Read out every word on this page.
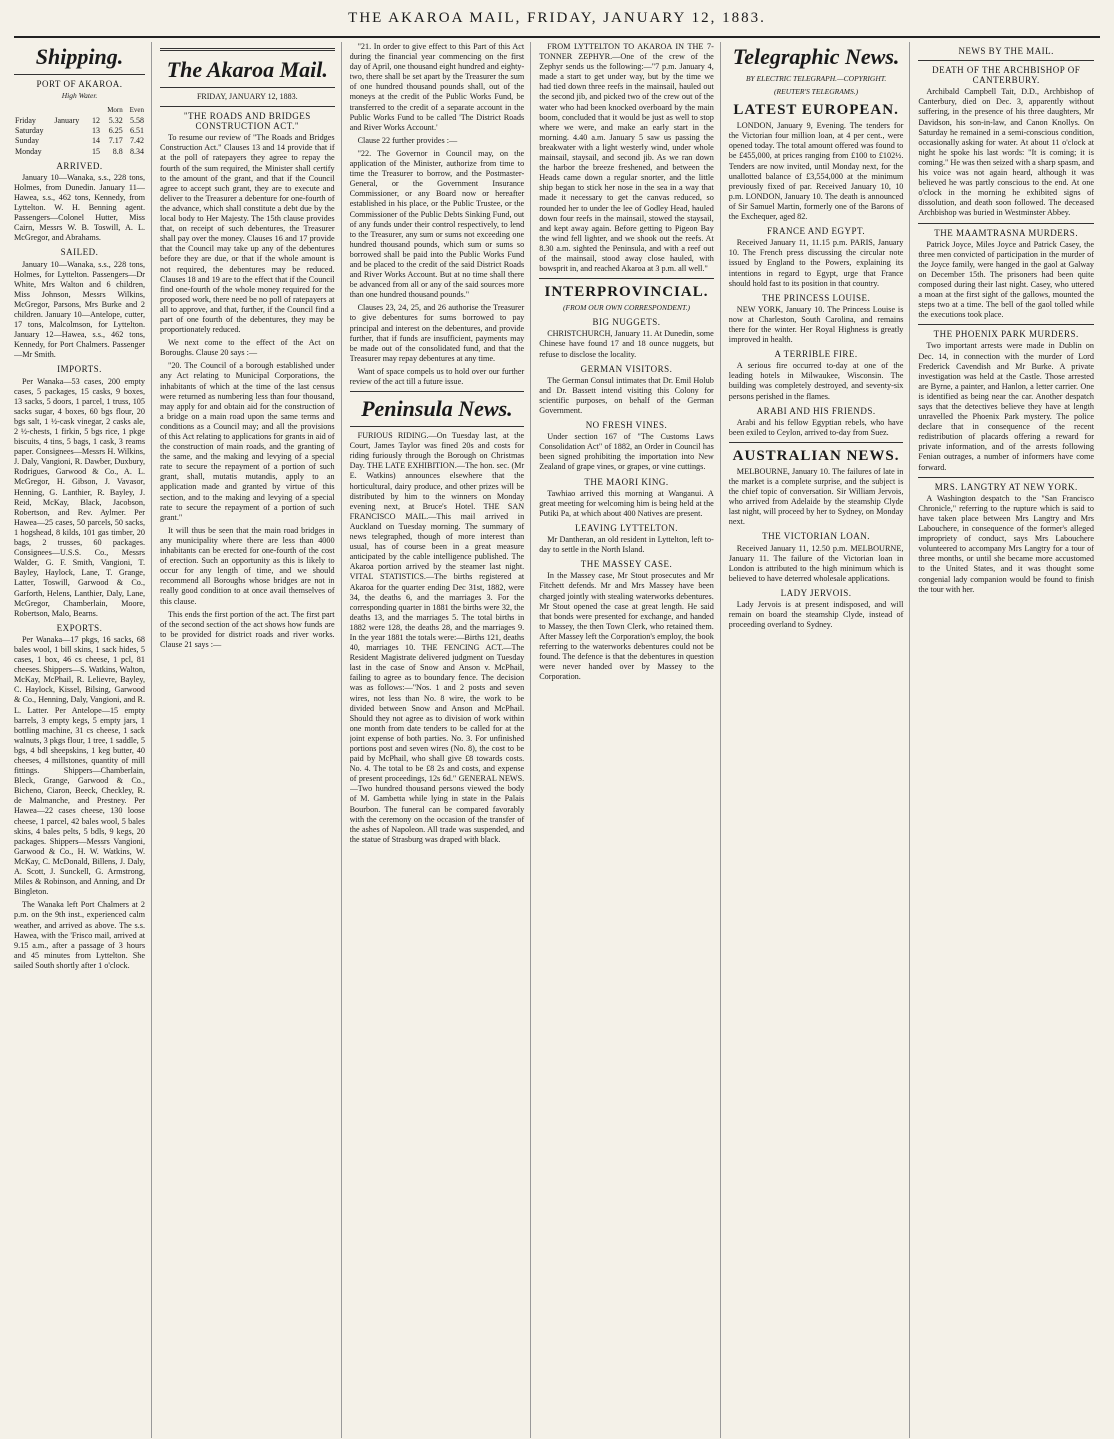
THE AKAROA MAIL, FRIDAY, JANUARY 12, 1883.
Shipping.
PORT OF AKAROA.
High Water.
			Morn	Even
Friday	January	12	5.32	5.58
Saturday		13	6.25	6.51
Sunday		14	7.17	7.42
Monday		15	8.8	8.34
ARRIVED.

January 10—Wanaka, s.s., 228 tons, Holmes, from Dunedin. January 11—Hawea, s.s., 462 tons, Kennedy, from Lyttelton. W. H. Benning agent. Passengers—Colonel Hutter, Miss Cairn, Messrs W. B. Toswill, A. L. McGregor, and Abrahams.

SAILED.

January 10—Wanaka, s.s., 228 tons, Holmes, for Lyttelton. Passengers—Dr White, Mrs Walton and 6 children, Miss Johnson, Messrs Wilkins, McGregor, Parsons, Mrs Burke and 2 children. January 10—Antelope, cutter, 17 tons, Malcolmson, for Lyttelton. January 12—Hawea, s.s., 462 tons, Kennedy, for Port Chalmers. Passenger—Mr Smith.

IMPORTS.

Per Wanaka—53 cases, 200 empty cases, 5 packages, 15 casks, 9 boxes, 13 sacks, 5 doors, 1 parcel, 1 truss, 105 sacks sugar, 4 boxes, 60 bgs flour, 20 bgs salt, 1 ½-cask vinegar, 2 casks ale, 2 ½-chests, 1 firkin, 5 bgs rice, 1 pkge biscuits, 4 tins, 5 bags, 1 cask, 3 reams paper. Consignees—Messrs H. Wilkins, J. Daly, Vangioni, R. Dawber, Duxbury, Rodrigues, Garwood & Co., A. L. McGregor, H. Gibson, J. Vavasor, Henning, G. Lanthier, R. Bayley, J. Reid, McKay, Black, Jacobson, Robertson, and Rev. Aylmer. Per Hawea—25 cases, 50 parcels, 50 sacks, 1 hogshead, 8 kilds, 101 gas timber, 20 bags, 2 trusses, 60 packages. Consignees—U.S.S. Co., Messrs Walder, G. F. Smith, Vangioni, T. Bayley, Haylock, Lane, T. Grange, Latter, Toswill, Garwood & Co., Garforth, Helens, Lanthier, Daly, Lane, McGregor, Chamberlain, Moore, Robertson, Malo, Bearns.

EXPORTS.

Per Wanaka—17 pkgs, 16 sacks, 68 bales wool, 1 bill skins, 1 sack hides, 5 cases, 1 box, 46 cs cheese, 1 pcl, 81 cheeses. Shippers—S. Watkins, Walton, McKay, McPhail, R. Lelievre, Bayley, C. Haylock, Kissel, Bilsing, Garwood & Co., Henning, Daly, Vangioni, and R. L. Latter. Per Antelope—15 empty barrels, 3 empty kegs, 5 empty jars, 1 bottling machine, 31 cs cheese, 1 sack walnuts, 3 pkgs flour, 1 tree, 1 saddle, 5 bgs, 4 bdl sheepskins, 1 keg butter, 40 cheeses, 4 millstones, quantity of mill fittings. Shippers—Chamberlain, Bleck, Grange, Garwood & Co., Bicheno, Ciaron, Beeck, Checkley, R. de Malmanche, and Prestney. Per Hawea—22 cases cheese, 130 loose cheese, 1 parcel, 42 bales wool, 5 bales skins, 4 bales pelts, 5 bdls, 9 kegs, 20 packages. Shippers—Messrs Vangioni, Garwood & Co., H. W. Watkins, W. McKay, C. McDonald, Billens, J. Daly, A. Scott, J. Sunckell, G. Armstrong, Miles & Robinson, and Anning, and Dr Bingleton.

The Wanaka left Port Chalmers at 2 p.m. on the 9th inst., experienced calm weather, and arrived as above. The s.s. Hawea, with the 'Frisco mail, arrived at 9.15 a.m., after a passage of 3 hours and 45 minutes from Lyttelton. She sailed South shortly after 1 o'clock.

The Akaroa Mail.
FRIDAY, JANUARY 12, 1883.
"THE ROADS AND BRIDGES CONSTRUCTION ACT."

To resume our review of "The Roads and Bridges Construction Act." Clauses 13 and 14 provide that if at the poll of ratepayers they agree to repay the fourth of the sum required, the Minister shall certify to the amount of the grant, and that if the Council agree to accept such grant, they are to execute and deliver to the Treasurer a debenture for one-fourth of the advance, which shall constitute a debt due by the local body to Her Majesty. The 15th clause provides that, on receipt of such debentures, the Treasurer shall pay over the money. Clauses 16 and 17 provide that the Council may take up any of the debentures before they are due, or that if the whole amount is not required, the debentures may be reduced. Clauses 18 and 19 are to the effect that if the Council find one-fourth of the whole money required for the proposed work, there need be no poll of ratepayers at all to approve, and that, further, if the Council find a part of one fourth of the debentures, they may be proportionately reduced.

We next come to the effect of the Act on Boroughs. Clause 20 says :—

"20. The Council of a borough established under any Act relating to Municipal Corporations, the inhabitants of which at the time of the last census were returned as numbering less than four thousand, may apply for and obtain aid for the construction of a bridge on a main road upon the same terms and conditions as a Council may; and all the provisions of this Act relating to applications for grants in aid of the construction of main roads, and the granting of the same, and the making and levying of a special rate to secure the repayment of a portion of such grant, shall, mutatis mutandis, apply to an application made and granted by virtue of this section, and to the making and levying of a special rate to secure the repayment of a portion of such grant."

It will thus be seen that the main road bridges in any municipality where there are less than 4000 inhabitants can be erected for one-fourth of the cost of erection. Such an opportunity as this is likely to occur for any length of time, and we should recommend all Boroughs whose bridges are not in really good condition to at once avail themselves of this clause.

This ends the first portion of the act. The first part of the second section of the act shows how funds are to be provided for district roads and river works. Clause 21 says :—

"21. In order to give effect to this Part of this Act during the financial year commencing on the first day of April, one thousand eight hundred and eighty-two, there shall be set apart by the Treasurer the sum of one hundred thousand pounds shall, out of the moneys at the credit of the Public Works Fund, be transferred to the credit of a separate account in the Public Works Fund to be called 'The District Roads and River Works Account.'

Clause 22 further provides :—

"22. The Governor in Council may, on the application of the Minister, authorize from time to time the Treasurer to borrow, and the Postmaster-General, or the Government Insurance Commissioner, or any Board now or hereafter established in his place, or the Public Trustee, or the Commissioner of the Public Debts Sinking Fund, out of any funds under their control respectively, to lend to the Treasurer, any sum or sums not exceeding one hundred thousand pounds, which sum or sums so borrowed shall be paid into the Public Works Fund and be placed to the credit of the said District Roads and River Works Account. But at no time shall there be advanced from all or any of the said sources more than one hundred thousand pounds."

Clauses 23, 24, 25, and 26 authorise the Treasurer to give debentures for sums borrowed to pay principal and interest on the debentures, and provide further, that if funds are insufficient, payments may be made out of the consolidated fund, and that the Treasurer may repay debentures at any time.

Want of space compels us to hold over our further review of the act till a future issue.

Peninsula News.

FURIOUS RIDING.—On Tuesday last, at the Court, James Taylor was fined 20s and costs for riding furiously through the Borough on Christmas Day. THE LATE EXHIBITION.—The hon. sec. (Mr E. Watkins) announces elsewhere that the horticultural, dairy produce, and other prizes will be distributed by him to the winners on Monday evening next, at Bruce's Hotel. THE SAN FRANCISCO MAIL.—This mail arrived in Auckland on Tuesday morning. The summary of news telegraphed, though of more interest than usual, has of course been in a great measure anticipated by the cable intelligence published. The Akaroa portion arrived by the steamer last night. VITAL STATISTICS.—The births registered at Akaroa for the quarter ending Dec 31st, 1882, were 34, the deaths 6, and the marriages 3. For the corresponding quarter in 1881 the births were 32, the deaths 13, and the marriages 5. The total births in 1882 were 128, the deaths 28, and the marriages 9. In the year 1881 the totals were:—Births 121, deaths 40, marriages 10. THE FENCING ACT.—The Resident Magistrate delivered judgment on Tuesday last in the case of Snow and Anson v. McPhail, failing to agree as to boundary fence. The decision was as follows:—"Nos. 1 and 2 posts and seven wires, not less than No. 8 wire, the work to be divided between Snow and Anson and McPhail. Should they not agree as to division of work within one month from date tenders to be called for at the joint expense of both parties. No. 3. For unfinished portions post and seven wires (No. 8), the cost to be paid by McPhail, who shall give £8 towards costs. No. 4. The total to be £8 2s and costs, and expense of present proceedings, 12s 6d." GENERAL NEWS.—Two hundred thousand persons viewed the body of M. Gambetta while lying in state in the Palais Bourbon. The funeral can be compared favorably with the ceremony on the occasion of the transfer of the ashes of Napoleon. All trade was suspended, and the statue of Strasburg was draped with black.

FROM LYTTELTON TO AKAROA IN THE 7-TONNER ZEPHYR.—One of the crew of the Zephyr sends us the following:—"7 p.m. January 4, made a start to get under way, but by the time we had tied down three reefs in the mainsail, hauled out the second jib, and picked two of the crew out of the water who had been knocked overboard by the main boom, concluded that it would be just as well to stop where we were, and make an early start in the morning. 4.40 a.m. January 5 saw us passing the breakwater with a light westerly wind, under whole mainsail, staysail, and second jib. As we ran down the harbor the breeze freshened, and between the Heads came down a regular snorter, and the little ship began to stick her nose in the sea in a way that made it necessary to get the canvas reduced, so rounded her to under the lee of Godley Head, hauled down four reefs in the mainsail, stowed the staysail, and kept away again. Before getting to Pigeon Bay the wind fell lighter, and we shook out the reefs. At 8.30 a.m. sighted the Peninsula, and with a reef out of the mainsail, stood away close hauled, with bowsprit in, and reached Akaroa at 3 p.m. all well."

INTERPROVINCIAL.
(FROM OUR OWN CORRESPONDENT.)
BIG NUGGETS.

CHRISTCHURCH, January 11. At Dunedin, some Chinese have found 17 and 18 ounce nuggets, but refuse to disclose the locality.

GERMAN VISITORS.

The German Consul intimates that Dr. Emil Holub and Dr. Bassett intend visiting this Colony for scientific purposes, on behalf of the German Government.

NO FRESH VINES.

Under section 167 of "The Customs Laws Consolidation Act" of 1882, an Order in Council has been signed prohibiting the importation into New Zealand of grape vines, or grapes, or vine cuttings.

THE MAORI KING.

Tawhiao arrived this morning at Wanganui. A great meeting for welcoming him is being held at the Putiki Pa, at which about 400 Natives are present.

LEAVING LYTTELTON.

Mr Dantheran, an old resident in Lyttelton, left to-day to settle in the North Island.

THE MASSEY CASE.

In the Massey case, Mr Stout prosecutes and Mr Fitchett defends. Mr and Mrs Massey have been charged jointly with stealing waterworks debentures. Mr Stout opened the case at great length. He said that bonds were presented for exchange, and handed to Massey, the then Town Clerk, who retained them. After Massey left the Corporation's employ, the book referring to the waterworks debentures could not be found. The defence is that the debentures in question were never handed over by Massey to the Corporation.

Telegraphic News.
BY ELECTRIC TELEGRAPH.—COPYRIGHT.
(REUTER'S TELEGRAMS.)
LATEST EUROPEAN.

LONDON, January 9, Evening. The tenders for the Victorian four million loan, at 4 per cent., were opened today. The total amount offered was found to be £455,000, at prices ranging from £100 to £102½. Tenders are now invited, until Monday next, for the unallotted balance of £3,554,000 at the minimum previously fixed of par. Received January 10, 10 p.m. LONDON, January 10. The death is announced of Sir Samuel Martin, formerly one of the Barons of the Exchequer, aged 82.

FRANCE AND EGYPT.

Received January 11, 11.15 p.m. PARIS, January 10. The French press discussing the circular note issued by England to the Powers, explaining its intentions in regard to Egypt, urge that France should hold fast to its position in that country.

THE PRINCESS LOUISE.

NEW YORK, January 10. The Princess Louise is now at Charleston, South Carolina, and remains there for the winter. Her Royal Highness is greatly improved in health.

A TERRIBLE FIRE.

A serious fire occurred to-day at one of the leading hotels in Milwaukee, Wisconsin. The building was completely destroyed, and seventy-six persons perished in the flames.

ARABI AND HIS FRIENDS.

Arabi and his fellow Egyptian rebels, who have been exiled to Ceylon, arrived to-day from Suez.

AUSTRALIAN NEWS.

MELBOURNE, January 10. The failures of late in the market is a complete surprise, and the subject is the chief topic of conversation. Sir William Jervois, who arrived from Adelaide by the steamship Clyde last night, will proceed by her to Sydney, on Monday next.

THE VICTORIAN LOAN.

Received January 11, 12.50 p.m. MELBOURNE, January 11. The failure of the Victorian loan in London is attributed to the high minimum which is believed to have deterred wholesale applications.

LADY JERVOIS.

Lady Jervois is at present indisposed, and will remain on board the steamship Clyde, instead of proceeding overland to Sydney.

NEWS BY THE MAIL.
DEATH OF THE ARCHBISHOP OF CANTERBURY.

Archibald Campbell Tait, D.D., Archbishop of Canterbury, died on Dec. 3, apparently without suffering, in the presence of his three daughters, Mr Davidson, his son-in-law, and Canon Knollys. On Saturday he remained in a semi-conscious condition, occasionally asking for water. At about 11 o'clock at night he spoke his last words: "It is coming; it is coming." He was then seized with a sharp spasm, and his voice was not again heard, although it was believed he was partly conscious to the end. At one o'clock in the morning he exhibited signs of dissolution, and death soon followed. The deceased Archbishop was buried in Westminster Abbey.

THE MAAMTRASNA MURDERS.

Patrick Joyce, Miles Joyce and Patrick Casey, the three men convicted of participation in the murder of the Joyce family, were hanged in the gaol at Galway on December 15th. The prisoners had been quite composed during their last night. Casey, who uttered a moan at the first sight of the gallows, mounted the steps two at a time. The bell of the gaol tolled while the executions took place.

THE PHOENIX PARK MURDERS.

Two important arrests were made in Dublin on Dec. 14, in connection with the murder of Lord Frederick Cavendish and Mr Burke. A private investigation was held at the Castle. Those arrested are Byrne, a painter, and Hanlon, a letter carrier. One is identified as being near the car. Another despatch says that the detectives believe they have at length unravelled the Phoenix Park mystery. The police declare that in consequence of the recent redistribution of placards offering a reward for private information, and of the arrests following Fenian outrages, a number of informers have come forward.

MRS. LANGTRY AT NEW YORK.

A Washington despatch to the "San Francisco Chronicle," referring to the rupture which is said to have taken place between Mrs Langtry and Mrs Labouchere, in consequence of the former's alleged impropriety of conduct, says Mrs Labouchere volunteered to accompany Mrs Langtry for a tour of three months, or until she became more accustomed to the United States, and it was thought some congenial lady companion would be found to finish the tour with her.
